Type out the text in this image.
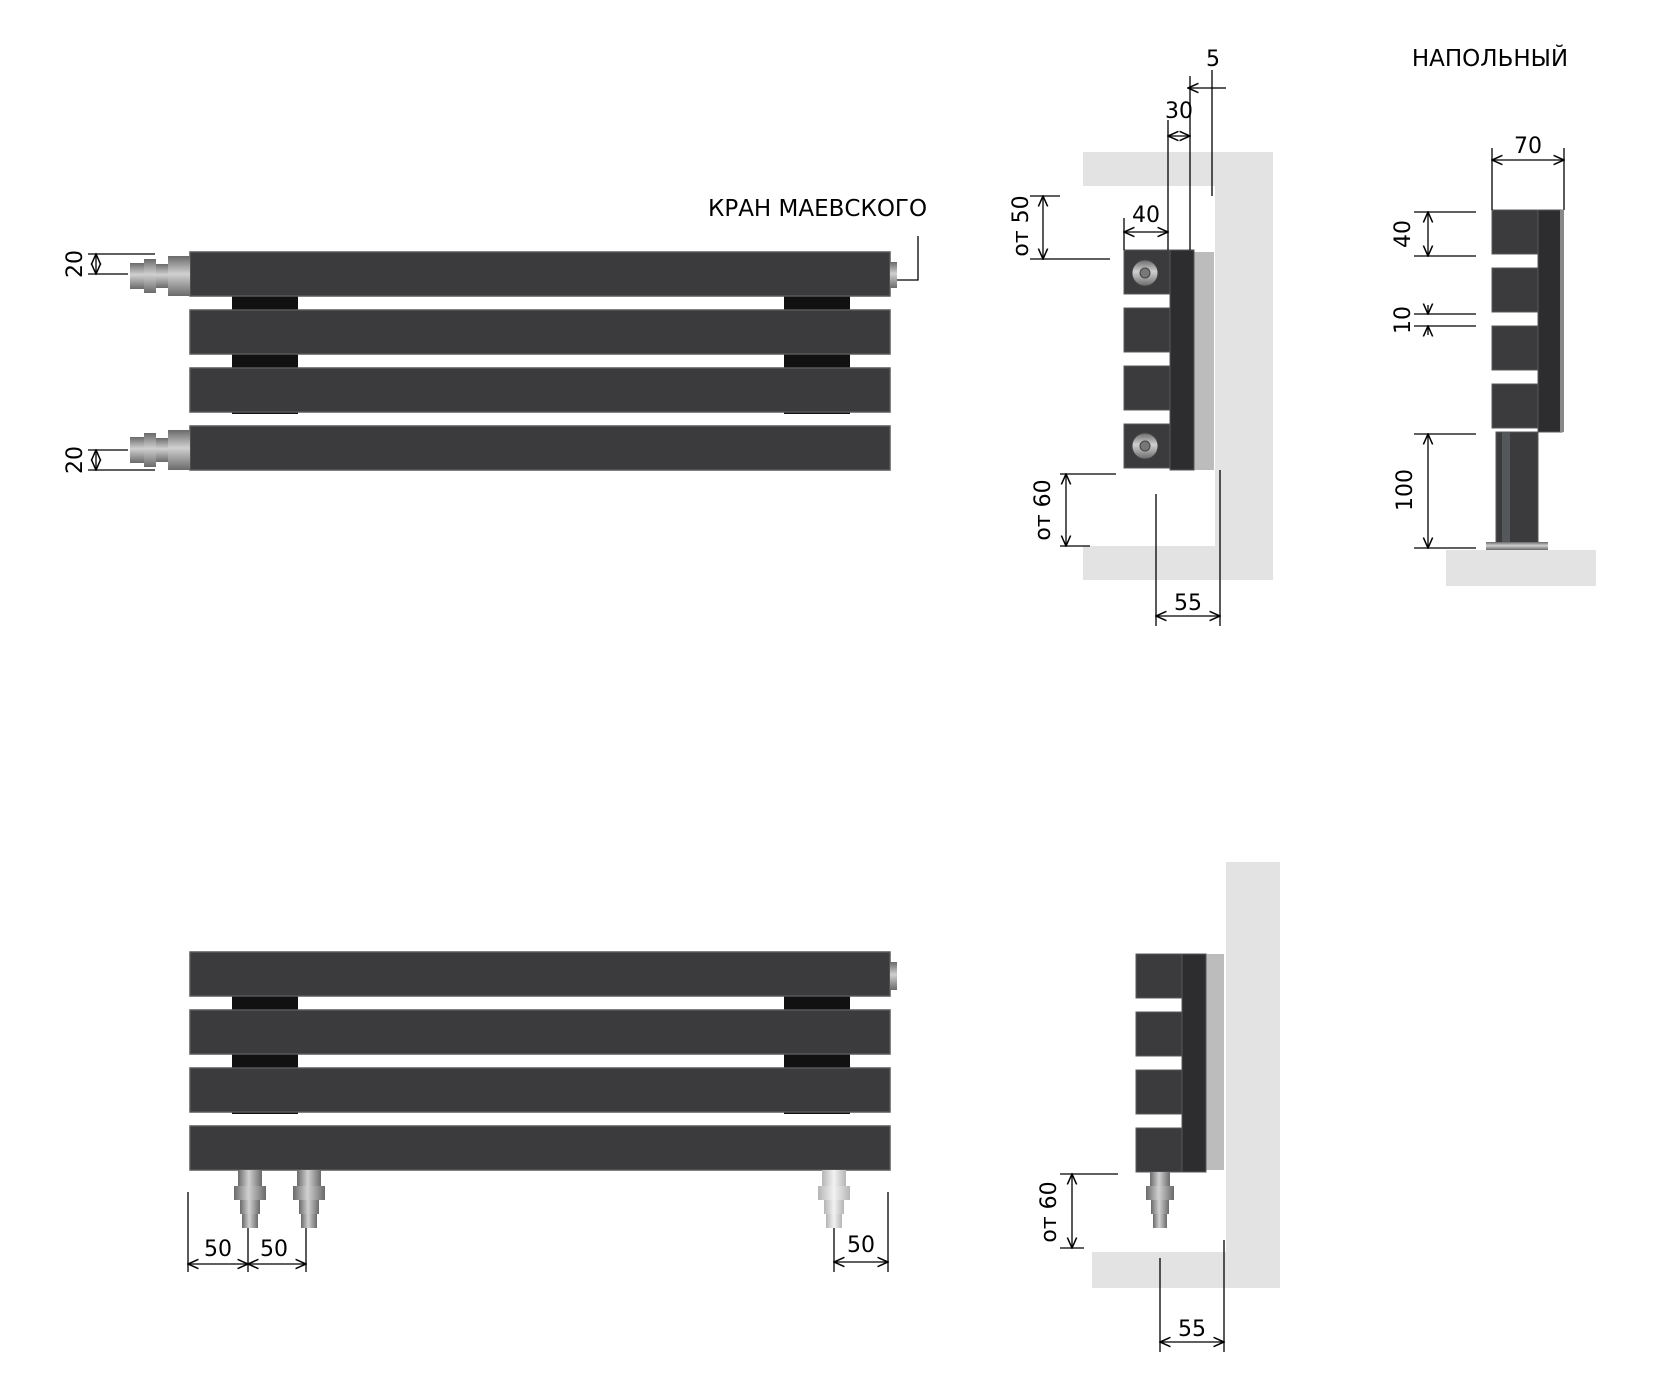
КРАН МАЕВСКОГО
20
20
5
30
40
от 50
от 60
55
НАПОЛЬНЫЙ
70
40
10
100
50 50	50
от 60
55
